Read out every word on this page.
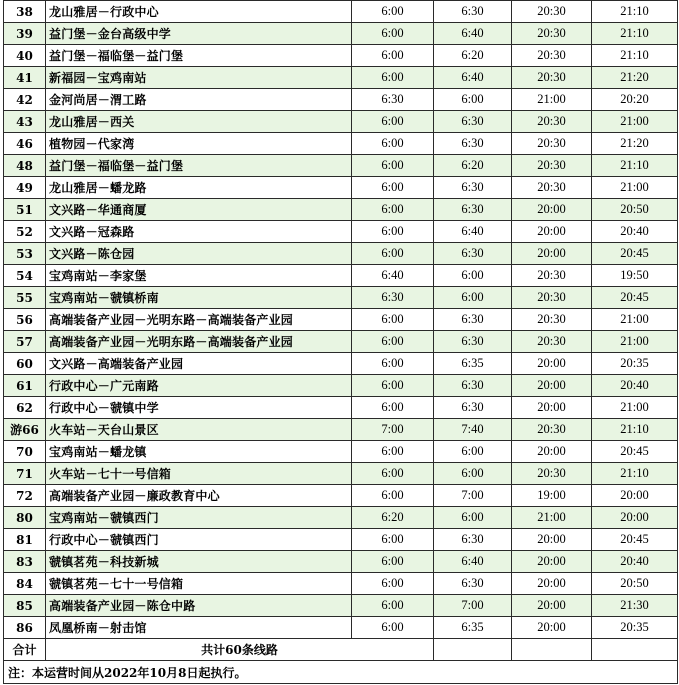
38	龙山雅居－行政中心	6:00	6:30	20:30	21:10
39	益门堡－金台高级中学	6:00	6:40	20:30	21:10
40	益门堡－福临堡－益门堡	6:00	6:20	20:30	21:10
41	新福园－宝鸡南站	6:00	6:40	20:30	21:20
42	金河尚居－渭工路	6:30	6:00	21:00	20:20
43	龙山雅居－西关	6:00	6:30	20:30	21:00
46	植物园－代家湾	6:00	6:30	20:30	21:20
48	益门堡－福临堡－益门堡	6:00	6:20	20:30	21:10
49	龙山雅居－蟠龙路	6:00	6:30	20:30	21:00
51	文兴路－华通商厦	6:00	6:30	20:00	20:50
52	文兴路－冠森路	6:00	6:40	20:00	20:40
53	文兴路－陈仓园	6:00	6:30	20:00	20:45
54	宝鸡南站－李家堡	6:40	6:00	20:30	19:50
55	宝鸡南站－虢镇桥南	6:30	6:00	20:30	20:45
56	高端装备产业园－光明东路－高端装备产业园	6:00	6:30	20:30	21:00
57	高端装备产业园－光明东路－高端装备产业园	6:00	6:30	20:30	21:00
60	文兴路－高端装备产业园	6:00	6:35	20:00	20:35
61	行政中心－广元南路	6:00	6:30	20:00	20:40
62	行政中心－虢镇中学	6:00	6:30	20:00	21:00
游66	火车站－天台山景区	7:00	7:40	20:30	21:10
70	宝鸡南站－蟠龙镇	6:00	6:00	20:00	20:45
71	火车站－七十一号信箱	6:00	6:00	20:30	21:10
72	高端装备产业园－廉政教育中心	6:00	7:00	19:00	20:00
80	宝鸡南站－虢镇西门	6:20	6:00	21:00	20:00
81	行政中心－虢镇西门	6:00	6:30	20:00	20:45
83	虢镇茗苑－科技新城	6:00	6:40	20:00	20:40
84	虢镇茗苑－七十一号信箱	6:00	6:30	20:00	20:50
85	高端装备产业园－陈仓中路	6:00	7:00	20:00	21:30
86	凤凰桥南－射击馆	6:00	6:35	20:00	20:35
合计	共计60条线路				
注：本运营时间从2022年10月8日起执行。					
